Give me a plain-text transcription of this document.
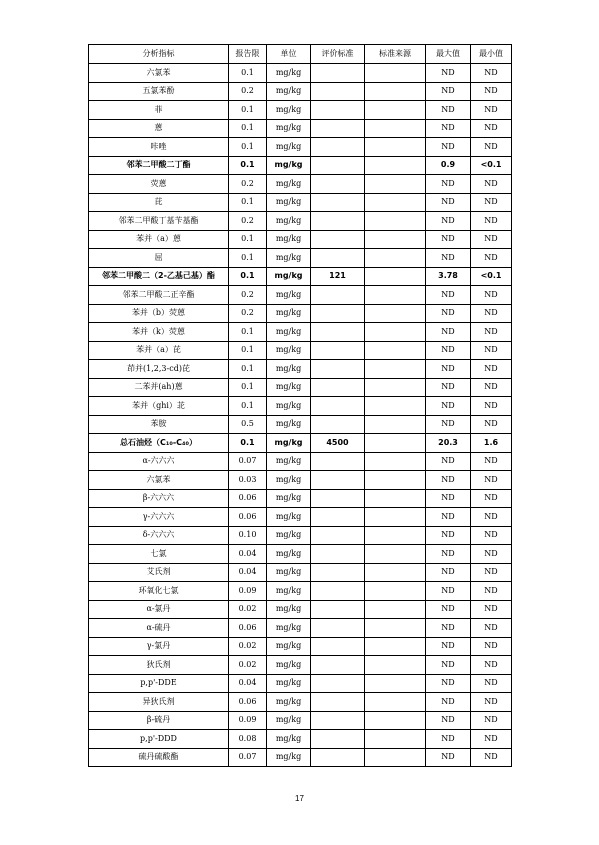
分析指标	报告限	单位	评价标准	标准来源	最大值	最小值
六氯苯	0.1	mg/kg			ND	ND
五氯苯酚	0.2	mg/kg			ND	ND
菲	0.1	mg/kg			ND	ND
蒽	0.1	mg/kg			ND	ND
咔唑	0.1	mg/kg			ND	ND
邻苯二甲酸二丁酯	0.1	mg/kg			0.9	<0.1
荧蒽	0.2	mg/kg			ND	ND
芘	0.1	mg/kg			ND	ND
邻苯二甲酸丁基苄基酯	0.2	mg/kg			ND	ND
苯并（a）蒽	0.1	mg/kg			ND	ND
屈	0.1	mg/kg			ND	ND
邻苯二甲酸二（2-乙基己基）酯	0.1	mg/kg	121		3.78	<0.1
邻苯二甲酸二正辛酯	0.2	mg/kg			ND	ND
苯并（b）荧蒽	0.2	mg/kg			ND	ND
苯并（k）荧蒽	0.1	mg/kg			ND	ND
苯并（a）芘	0.1	mg/kg			ND	ND
茚并(1,2,3-cd)芘	0.1	mg/kg			ND	ND
二苯并(ah)蒽	0.1	mg/kg			ND	ND
苯并（ghi）苝	0.1	mg/kg			ND	ND
苯胺	0.5	mg/kg			ND	ND
总石油烃（C₁₀-C₄₀）	0.1	mg/kg	4500		20.3	1.6
α-六六六	0.07	mg/kg			ND	ND
六氯苯	0.03	mg/kg			ND	ND
β-六六六	0.06	mg/kg			ND	ND
γ-六六六	0.06	mg/kg			ND	ND
δ-六六六	0.10	mg/kg			ND	ND
七氯	0.04	mg/kg			ND	ND
艾氏剂	0.04	mg/kg			ND	ND
环氧化七氯	0.09	mg/kg			ND	ND
α-氯丹	0.02	mg/kg			ND	ND
α-硫丹	0.06	mg/kg			ND	ND
γ-氯丹	0.02	mg/kg			ND	ND
狄氏剂	0.02	mg/kg			ND	ND
p,p'-DDE	0.04	mg/kg			ND	ND
异狄氏剂	0.06	mg/kg			ND	ND
β-硫丹	0.09	mg/kg			ND	ND
p,p'-DDD	0.08	mg/kg			ND	ND
硫丹硫酸酯	0.07	mg/kg			ND	ND
17
